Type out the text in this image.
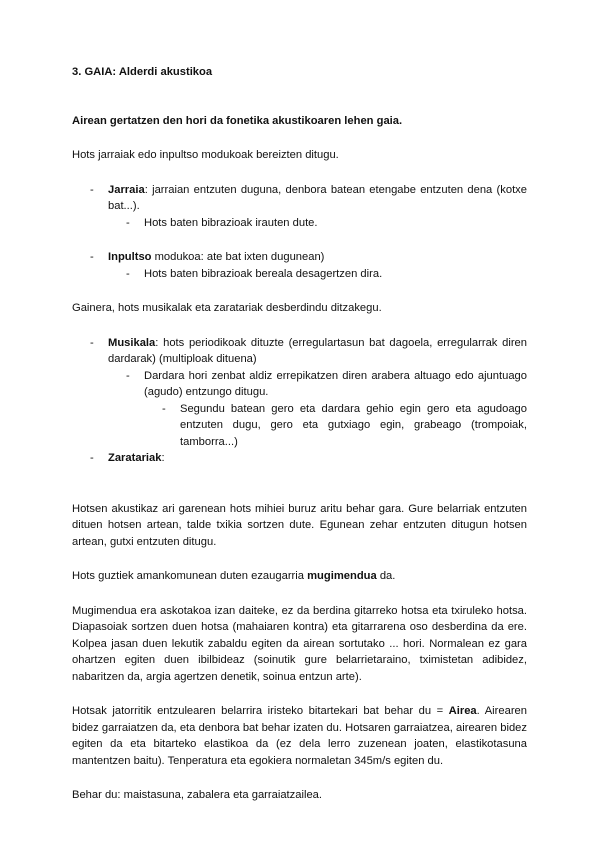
3. GAIA: Alderdi akustikoa

Airean gertatzen den hori da fonetika akustikoaren lehen gaia.

Hots jarraiak edo inpultso modukoak bereizten ditugu.

- Jarraia: jarraian entzuten duguna, denbora batean etengabe entzuten dena (kotxe bat...).
- Hots baten bibrazioak irauten dute.
- Inpultso modukoa: ate bat ixten dugunean)
- Hots baten bibrazioak bereala desagertzen dira.

Gainera, hots musikalak eta zaratariak desberdindu ditzakegu.

- Musikala: hots periodikoak dituzte (erregulartasun bat dagoela, erregularrak diren dardarak) (multiploak dituena)
- Dardara hori zenbat aldiz errepikatzen diren arabera altuago edo ajuntuago (agudo) entzungo ditugu.
- Segundu batean gero eta dardara gehio egin gero eta agudoago entzuten dugu, gero eta gutxiago egin, grabeago (trompoiak, tamborra...)
- Zaratariak:

Hotsen akustikaz ari garenean hots mihiei buruz aritu behar gara. Gure belarriak entzuten dituen hotsen artean, talde txikia sortzen dute. Egunean zehar entzuten ditugun hotsen artean, gutxi entzuten ditugu.

Hots guztiek amankomunean duten ezaugarria mugimendua da.

Mugimendua era askotakoa izan daiteke, ez da berdina gitarreko hotsa eta txiruleko hotsa. Diapasoiak sortzen duen hotsa (mahaiaren kontra) eta gitarrarena oso desberdina da ere. Kolpea jasan duen lekutik zabaldu egiten da airean sortutako ... hori. Normalean ez gara ohartzen egiten duen ibilbideaz (soinutik gure belarrietaraino, tximistetan adibidez, nabaritzen da, argia agertzen denetik, soinua entzun arte).

Hotsak jatorritik entzulearen belarrira iristeko bitartekari bat behar du = Airea. Airearen bidez garraiatzen da, eta denbora bat behar izaten du. Hotsaren garraiatzea, airearen bidez egiten da eta bitarteko elastikoa da (ez dela lerro zuzenean joaten, elastikotasuna mantentzen baitu). Tenperatura eta egokiera normaletan 345m/s egiten du.

Behar du: maistasuna, zabalera eta garraiatzailea.
